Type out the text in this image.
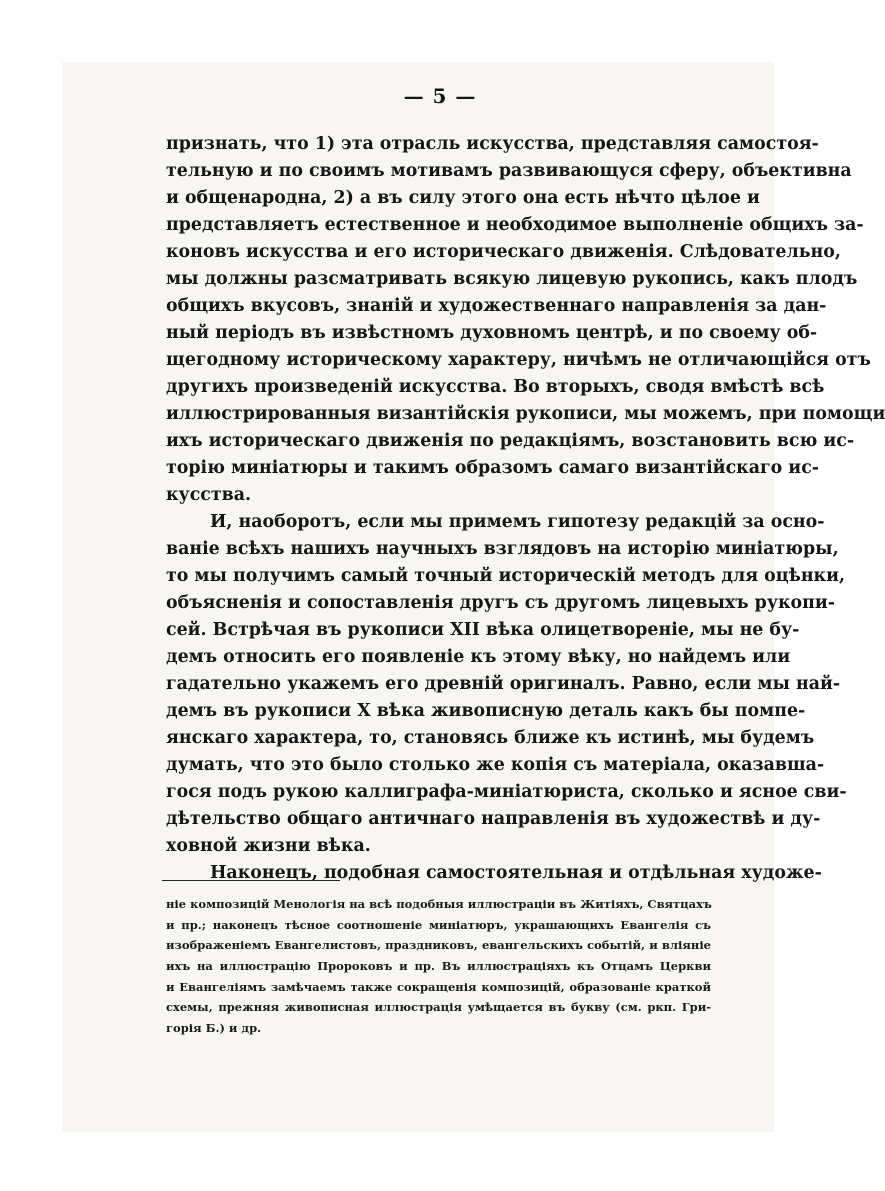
— 5 —
признать, что 1) эта отрасль искусства, представляя самостоя-
тельную и по своимъ мотивамъ развивающуся сферу, объективна
и общенародна, 2) а въ силу этого она есть нѣчто цѣлое и
представляетъ естественное и необходимое выполненіе общихъ за-
коновъ искусства и его историческаго движенія. Слѣдовательно,
мы должны разсматривать всякую лицевую рукопись, какъ плодъ
общихъ вкусовъ, знаній и художественнаго направленія за дан-
ный періодъ въ извѣстномъ духовномъ центрѣ, и по своему об-
щегодному историческому характеру, ничѣмъ не отличающійся отъ
другихъ произведеній искусства. Во вторыхъ, сводя вмѣстѣ всѣ
иллюстрированныя византійскія рукописи, мы можемъ, при помощи
ихъ историческаго движенія по редакціямъ, возстановить всю ис-
торію миніатюры и такимъ образомъ самаго византійскаго ис-
кусства.
И, наоборотъ, если мы примемъ гипотезу редакцій за осно-
ваніе всѣхъ нашихъ научныхъ взглядовъ на исторію миніатюры,
то мы получимъ самый точный историческій методъ для оцѣнки,
объясненія и сопоставленія другъ съ другомъ лицевыхъ рукопи-
сей. Встрѣчая въ рукописи XII вѣка олицетвореніе, мы не бу-
демъ относить его появленіе къ этому вѣку, но найдемъ или
гадательно укажемъ его древній оригиналъ. Равно, если мы най-
демъ въ рукописи X вѣка живописную деталь какъ бы помпе-
янскаго характера, то, становясь ближе къ истинѣ, мы будемъ
думать, что это было столько же копія съ матеріала, оказавша-
гося подъ рукою каллиграфа-миніатюриста, сколько и ясное сви-
дѣтельство общаго античнаго направленія въ художествѣ и ду-
ховной жизни вѣка.
Наконецъ, подобная самостоятельная и отдѣльная художе-
ніе композицій Менологія на всѣ подобныя иллюстраціи въ Житіяхъ, Святцахъ
и пр.; наконецъ тѣсное соотношеніе миніатюръ, украшающихъ Евангелія съ
изображеніемъ Евангелистовъ, праздниковъ, евангельскихъ событій, и вліяніе
ихъ на иллюстрацію Пророковъ и пр. Въ иллюстраціяхъ къ Отцамъ Церкви
и Евангеліямъ замѣчаемъ также сокращенія композицій, образованіе краткой
схемы, прежняя живописная иллюстрація умѣщается въ букву (см. ркп. Гри-
горія Б.) и др.
